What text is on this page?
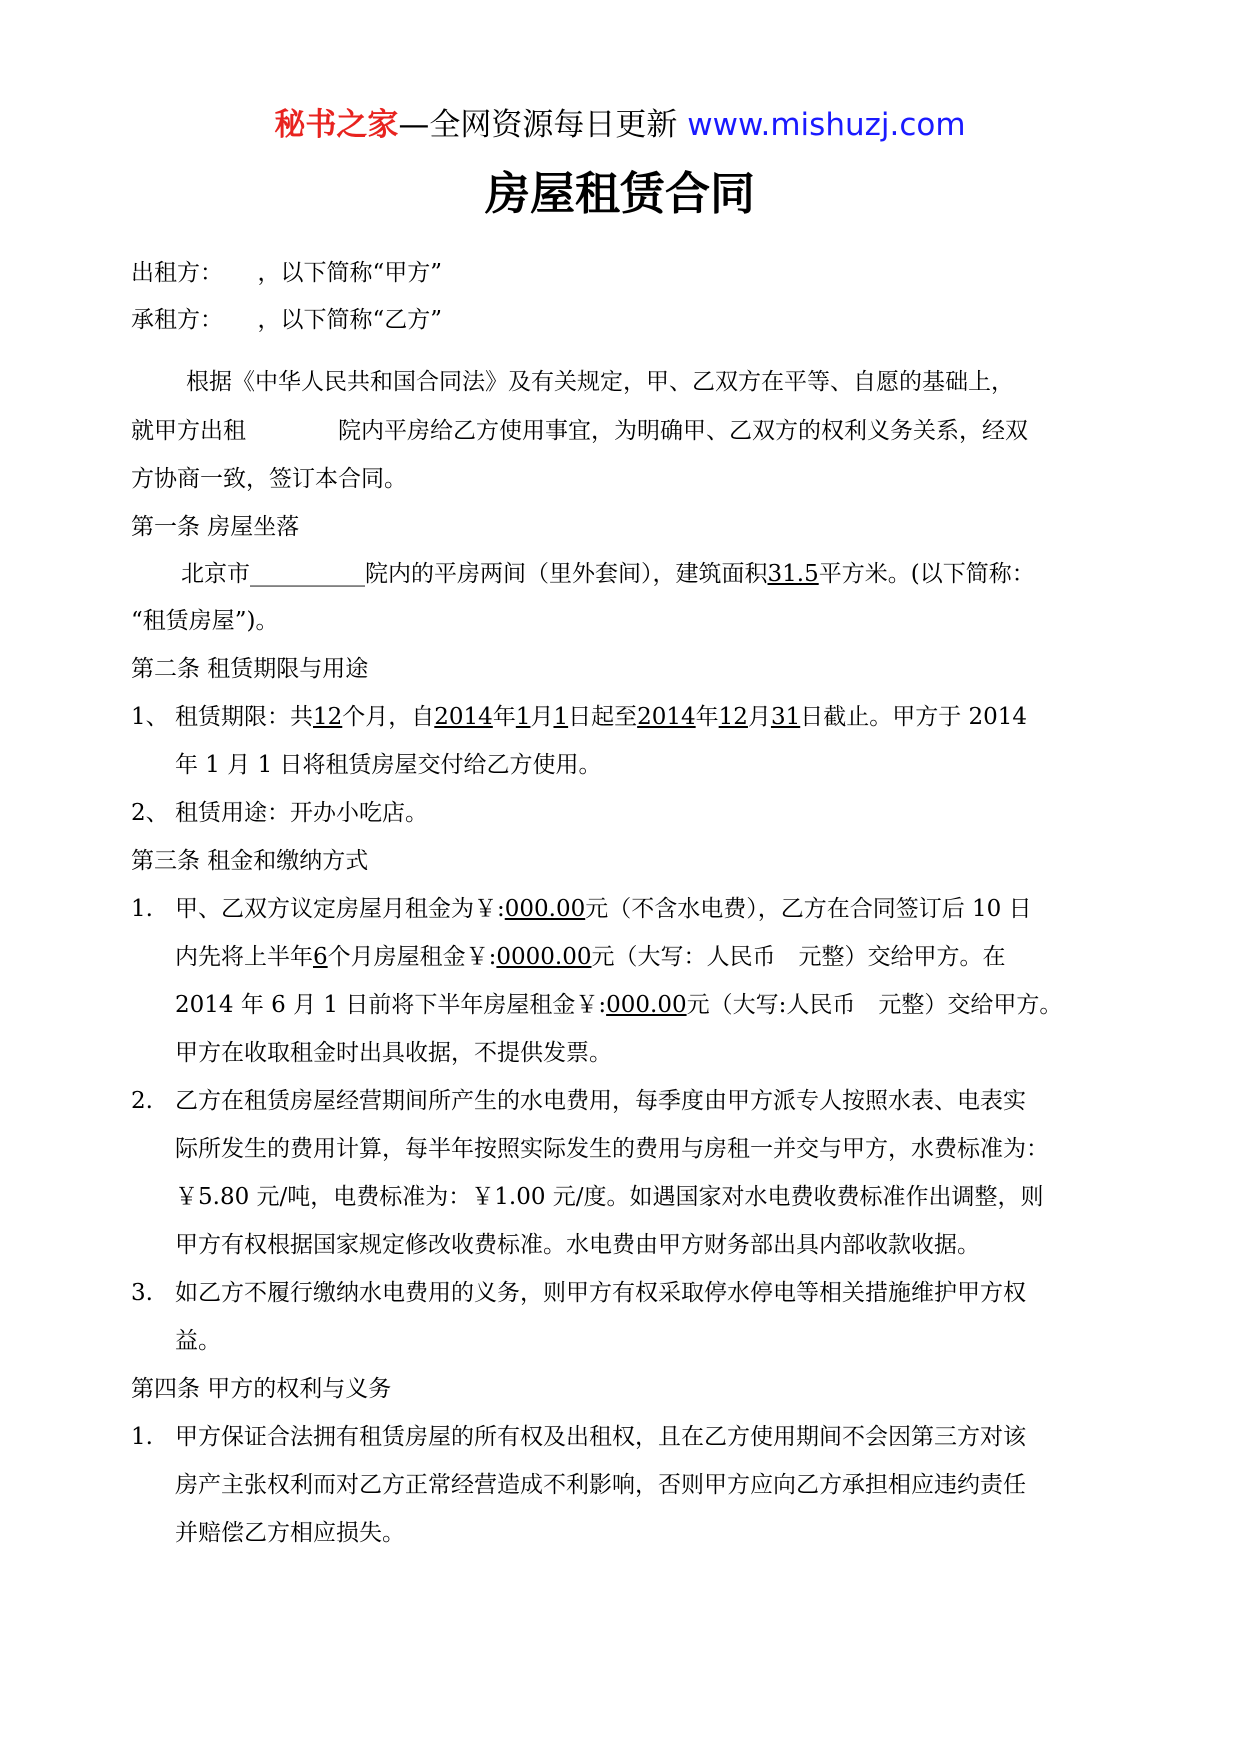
秘书之家—全网资源每日更新 www.mishuzj.com
房屋租赁合同
出租方：　　，以下简称“甲方”
承租方：　　，以下简称“乙方”
根据《中华人民共和国合同法》及有关规定，甲、乙双方在平等、自愿的基础上，
就甲方出租　　　　院内平房给乙方使用事宜，为明确甲、乙双方的权利义务关系，经双
方协商一致，签订本合同。
第一条 房屋坐落
北京市__________院内的平房两间（里外套间），建筑面积31.5平方米。(以下简称：
“租赁房屋”)。
第二条 租赁期限与用途
1、 租赁期限：共12个月，自2014年1月1日起至2014年12月31日截止。甲方于 2014
年 1 月 1 日将租赁房屋交付给乙方使用。
2、 租赁用途：开办小吃店。
第三条 租金和缴纳方式
1. 甲、乙双方议定房屋月租金为￥:000.00元（不含水电费），乙方在合同签订后 10 日
内先将上半年6个月房屋租金￥:0000.00元（大写：人民币　元整）交给甲方。在
2014 年 6 月 1 日前将下半年房屋租金￥:000.00元（大写:人民币　元整）交给甲方。
甲方在收取租金时出具收据，不提供发票。
2. 乙方在租赁房屋经营期间所产生的水电费用，每季度由甲方派专人按照水表、电表实
际所发生的费用计算，每半年按照实际发生的费用与房租一并交与甲方，水费标准为：
￥5.80 元/吨，电费标准为：￥1.00 元/度。如遇国家对水电费收费标准作出调整，则
甲方有权根据国家规定修改收费标准。水电费由甲方财务部出具内部收款收据。
3. 如乙方不履行缴纳水电费用的义务，则甲方有权采取停水停电等相关措施维护甲方权
益。
第四条 甲方的权利与义务
1. 甲方保证合法拥有租赁房屋的所有权及出租权，且在乙方使用期间不会因第三方对该
房产主张权利而对乙方正常经营造成不利影响，否则甲方应向乙方承担相应违约责任
并赔偿乙方相应损失。
